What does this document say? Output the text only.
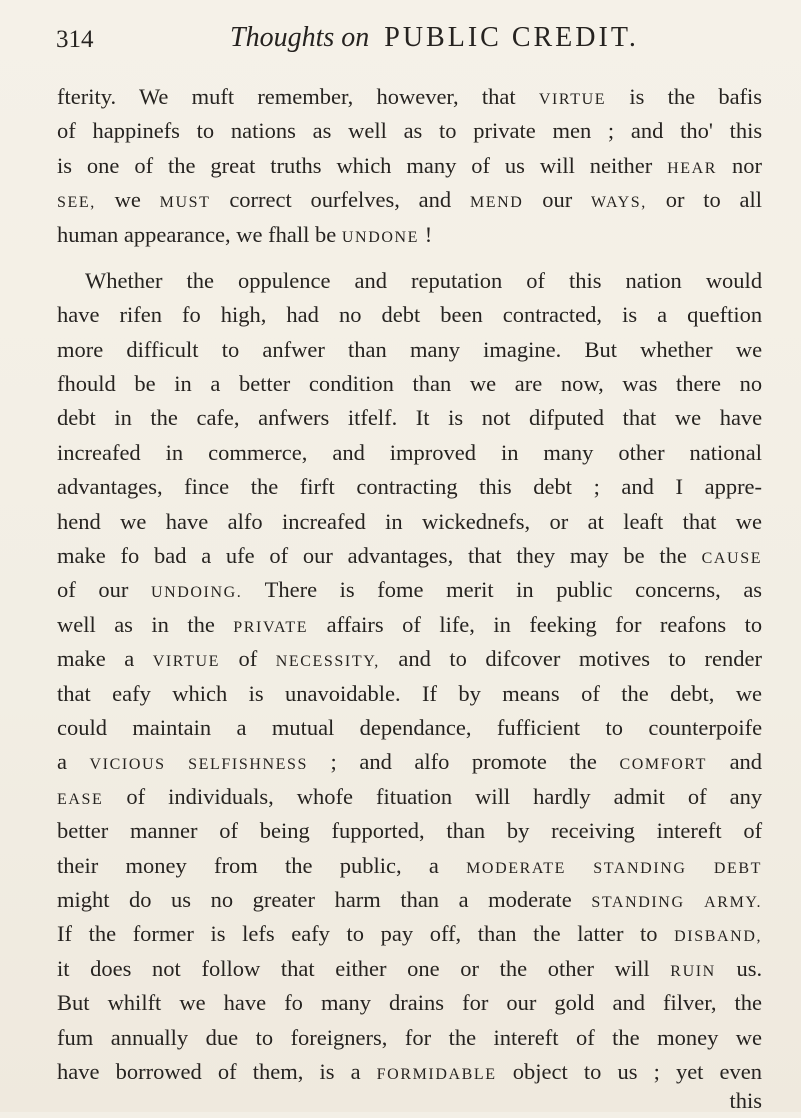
314	Thoughts on PUBLIC CREDIT.
fterity. We muft remember, however, that VIRTUE is the bafis
of happinefs to nations as well as to private men ; and tho' this
is one of the great truths which many of us will neither HEAR nor
SEE, we MUST correct ourfelves, and MEND our WAYS, or to all
human appearance, we fhall be UNDONE !
Whether the oppulence and reputation of this nation would
have rifen fo high, had no debt been contracted, is a queftion
more difficult to anfwer than many imagine. But whether we
fhould be in a better condition than we are now, was there no
debt in the cafe, anfwers itfelf. It is not difputed that we have
increafed in commerce, and improved in many other national
advantages, fince the firft contracting this debt ; and I appre-
hend we have alfo increafed in wickednefs, or at leaft that we
make fo bad a ufe of our advantages, that they may be the CAUSE
of our UNDOING. There is fome merit in public concerns, as
well as in the PRIVATE affairs of life, in feeking for reafons to
make a VIRTUE of NECESSITY, and to difcover motives to render
that eafy which is unavoidable. If by means of the debt, we
could maintain a mutual dependance, fufficient to counterpoife
a VICIOUS SELFISHNESS ; and alfo promote the COMFORT and
EASE of individuals, whofe fituation will hardly admit of any
better manner of being fupported, than by receiving intereft of
their money from the public, a MODERATE STANDING DEBT
might do us no greater harm than a moderate STANDING ARMY.
If the former is lefs eafy to pay off, than the latter to DISBAND,
it does not follow that either one or the other will RUIN us.
But whilft we have fo many drains for our gold and filver, the
fum annually due to foreigners, for the intereft of the money we
have borrowed of them, is a FORMIDABLE object to us ; yet even
this
